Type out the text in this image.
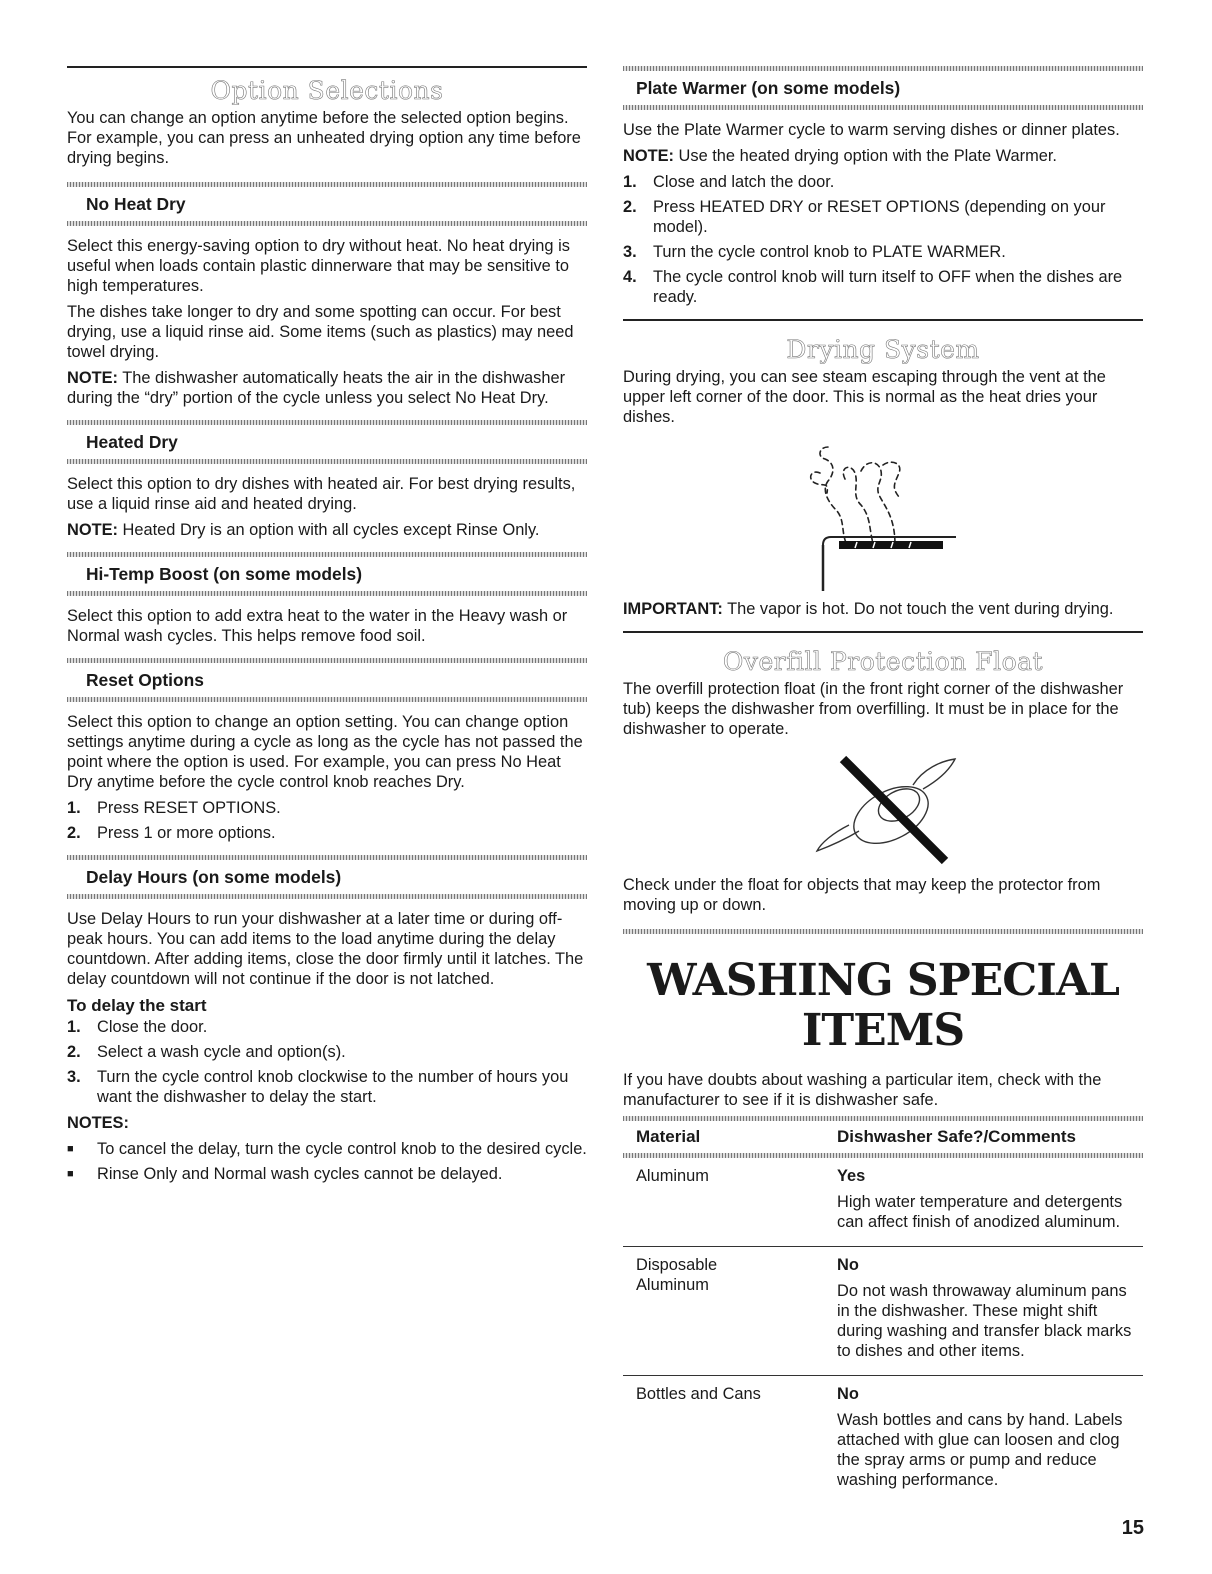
Option Selections

You can change an option anytime before the selected option begins. For example, you can press an unheated drying option any time before drying begins.

No Heat Dry

Select this energy-saving option to dry without heat. No heat drying is useful when loads contain plastic dinnerware that may be sensitive to high temperatures.

The dishes take longer to dry and some spotting can occur. For best drying, use a liquid rinse aid. Some items (such as plastics) may need towel drying.

NOTE: The dishwasher automatically heats the air in the dishwasher during the “dry” portion of the cycle unless you select No Heat Dry.

Heated Dry

Select this option to dry dishes with heated air. For best drying results, use a liquid rinse aid and heated drying.

NOTE: Heated Dry is an option with all cycles except Rinse Only.

Hi-Temp Boost (on some models)

Select this option to add extra heat to the water in the Heavy wash or Normal wash cycles. This helps remove food soil.

Reset Options

Select this option to change an option setting. You can change option settings anytime during a cycle as long as the cycle has not passed the point where the option is used. For example, you can press No Heat Dry anytime before the cycle control knob reaches Dry.

1. Press RESET OPTIONS.
2. Press 1 or more options.
Delay Hours (on some models)

Use Delay Hours to run your dishwasher at a later time or during off-peak hours. You can add items to the load anytime during the delay countdown. After adding items, close the door firmly until it latches. The delay countdown will not continue if the door is not latched.

To delay the start
1. Close the door.
2. Select a wash cycle and option(s).
3. Turn the cycle control knob clockwise to the number of hours you want the dishwasher to delay the start.
NOTES:
■	To cancel the delay, turn the cycle control knob to the desired cycle.
■	Rinse Only and Normal wash cycles cannot be delayed.
Plate Warmer (on some models)

Use the Plate Warmer cycle to warm serving dishes or dinner plates.

NOTE: Use the heated drying option with the Plate Warmer.

1. Close and latch the door.
2. Press HEATED DRY or RESET OPTIONS (depending on your model).
3. Turn the cycle control knob to PLATE WARMER.
4. The cycle control knob will turn itself to OFF when the dishes are ready.
Drying System

During drying, you can see steam escaping through the vent at the upper left corner of the door. This is normal as the heat dries your dishes.

IMPORTANT: The vapor is hot. Do not touch the vent during drying.

Overfill Protection Float

The overfill protection float (in the front right corner of the dishwasher tub) keeps the dishwasher from overfilling. It must be in place for the dishwasher to operate.

Check under the float for objects that may keep the protector from moving up or down.

WASHING SPECIAL ITEMS

If you have doubts about washing a particular item, check with the manufacturer to see if it is dishwasher safe.

Material	Dishwasher Safe?/Comments

Aluminum	Yes
High water temperature and detergents can affect finish of anodized aluminum.

Disposable Aluminum	No
Do not wash throwaway aluminum pans in the dishwasher. These might shift during washing and transfer black marks to dishes and other items.

Bottles and Cans	No
Wash bottles and cans by hand. Labels attached with glue can loosen and clog the spray arms or pump and reduce washing performance.
15
